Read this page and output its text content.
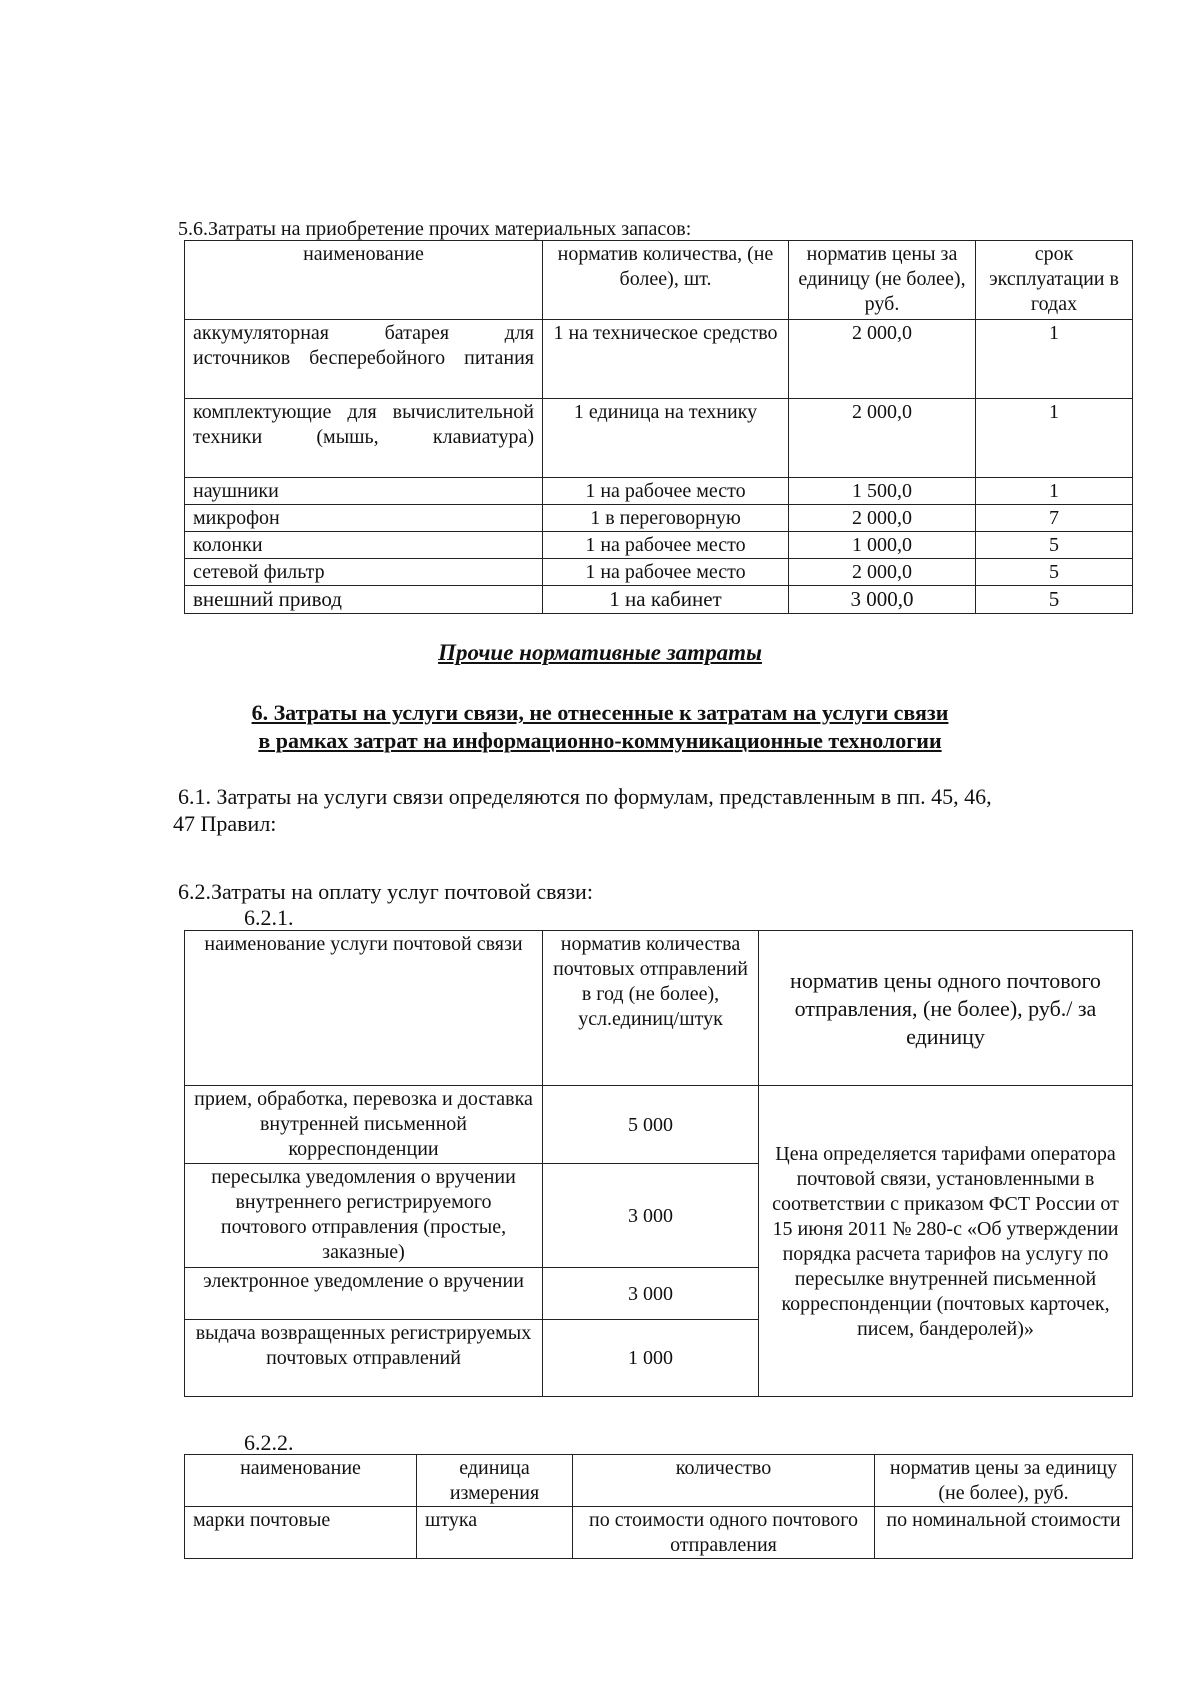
5.6.Затраты на приобретение прочих материальных запасов:
наименование	норматив количества, (не более), шт.	норматив цены за единицу (не более), руб.	срок эксплуатации в годах
аккумуляторная батарея для источников бесперебойного питания	1 на техническое средство	2 000,0	1
комплектующие для вычислительной техники (мышь, клавиатура)	1 единица на технику	2 000,0	1
наушники	1 на рабочее место	1 500,0	1
микрофон	1 в переговорную	2 000,0	7
колонки	1 на рабочее место	1 000,0	5
сетевой фильтр	1 на рабочее место	2 000,0	5
внешний привод	1 на кабинет	3 000,0	5
Прочие нормативные затраты
6. Затраты на услуги связи, не отнесенные к затратам на услуги связи
в рамках затрат на информационно-коммуникационные технологии
6.1. Затраты на услуги связи определяются по формулам, представленным в пп. 45, 46,
47 Правил:
6.2.Затраты на оплату услуг почтовой связи:
6.2.1.
наименование услуги почтовой связи	норматив количества почтовых отправлений в год (не более), усл.единиц/штук	норматив цены одного почтового отправления, (не более), руб./ за единицу
прием, обработка, перевозка и доставка внутренней письменной корреспонденции	5 000	Цена определяется тарифами оператора почтовой связи, установленными в соответствии с приказом ФСТ России от 15 июня 2011 № 280-с «Об утверждении порядка расчета тарифов на услугу по пересылке внутренней письменной корреспонденции (почтовых карточек, писем, бандеролей)»
пересылка уведомления о вручении внутреннего регистрируемого почтового отправления (простые, заказные)	3 000	
электронное уведомление о вручении	3 000	
выдача возвращенных регистрируемых почтовых отправлений	1 000	
6.2.2.
наименование	единица измерения	количество	норматив цены за единицу (не более), руб.
марки почтовые	штука	по стоимости одного почтового отправления	по номинальной стоимости
